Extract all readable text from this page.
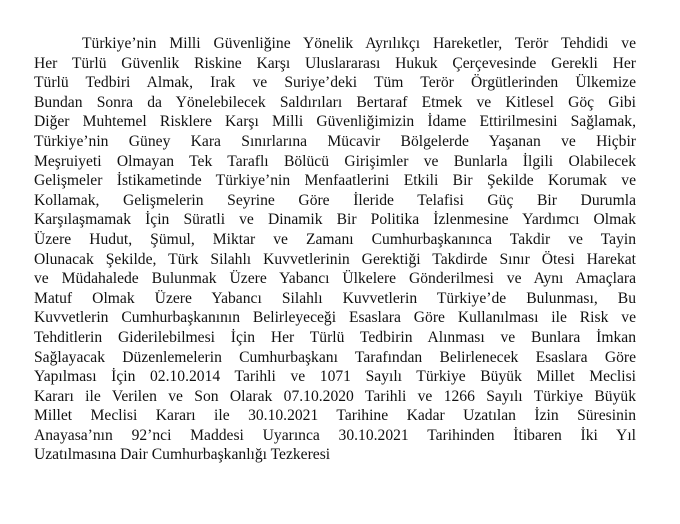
Türkiye’nin Milli Güvenliğine Yönelik Ayrılıkçı Hareketler, Terör Tehdidi ve
Her Türlü Güvenlik Riskine Karşı Uluslararası Hukuk Çerçevesinde Gerekli Her
Türlü Tedbiri Almak, Irak ve Suriye’deki Tüm Terör Örgütlerinden Ülkemize
Bundan Sonra da Yönelebilecek Saldırıları Bertaraf Etmek ve Kitlesel Göç Gibi
Diğer Muhtemel Risklere Karşı Milli Güvenliğimizin İdame Ettirilmesini Sağlamak,
Türkiye’nin Güney Kara Sınırlarına Mücavir Bölgelerde Yaşanan ve Hiçbir
Meşruiyeti Olmayan Tek Taraflı Bölücü Girişimler ve Bunlarla İlgili Olabilecek
Gelişmeler İstikametinde Türkiye’nin Menfaatlerini Etkili Bir Şekilde Korumak ve
Kollamak, Gelişmelerin Seyrine Göre İleride Telafisi Güç Bir Durumla
Karşılaşmamak İçin Süratli ve Dinamik Bir Politika İzlenmesine Yardımcı Olmak
Üzere Hudut, Şümul, Miktar ve Zamanı Cumhurbaşkanınca Takdir ve Tayin
Olunacak Şekilde, Türk Silahlı Kuvvetlerinin Gerektiği Takdirde Sınır Ötesi Harekat
ve Müdahalede Bulunmak Üzere Yabancı Ülkelere Gönderilmesi ve Aynı Amaçlara
Matuf Olmak Üzere Yabancı Silahlı Kuvvetlerin Türkiye’de Bulunması, Bu
Kuvvetlerin Cumhurbaşkanının Belirleyeceği Esaslara Göre Kullanılması ile Risk ve
Tehditlerin Giderilebilmesi İçin Her Türlü Tedbirin Alınması ve Bunlara İmkan
Sağlayacak Düzenlemelerin Cumhurbaşkanı Tarafından Belirlenecek Esaslara Göre
Yapılması İçin 02.10.2014 Tarihli ve 1071 Sayılı Türkiye Büyük Millet Meclisi
Kararı ile Verilen ve Son Olarak 07.10.2020 Tarihli ve 1266 Sayılı Türkiye Büyük
Millet Meclisi Kararı ile 30.10.2021 Tarihine Kadar Uzatılan İzin Süresinin
Anayasa’nın 92’nci Maddesi Uyarınca 30.10.2021 Tarihinden İtibaren İki Yıl
Uzatılmasına Dair Cumhurbaşkanlığı Tezkeresi
